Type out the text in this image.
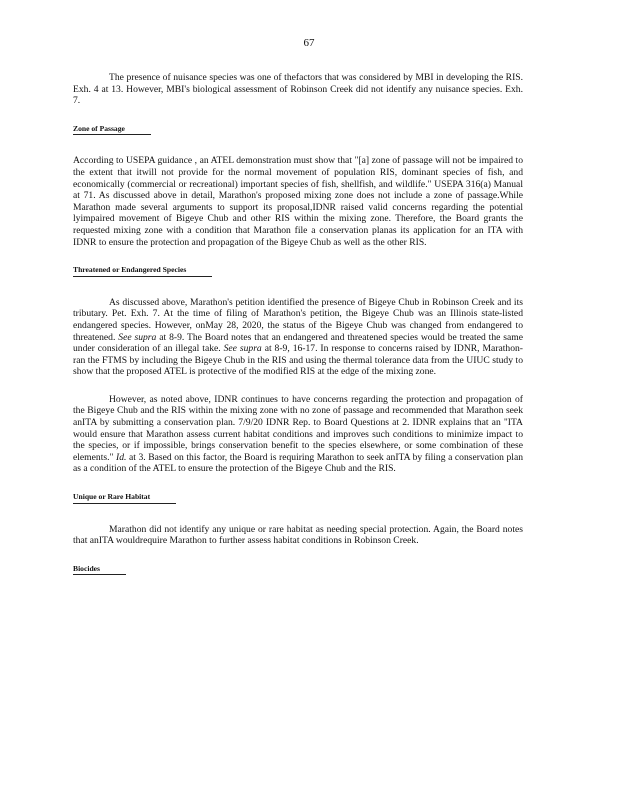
67

The presence of nuisance species was one of thefactors that was considered by MBI in developing the RIS. Exh. 4 at 13. However, MBI's biological assessment of Robinson Creek did not identify any nuisance species. Exh. 7.

Zone of Passage

According to USEPA guidance , an ATEL demonstration must show that "[a] zone of passage will not be impaired to the extent that itwill not provide for the normal movement of population RIS, dominant species of fish, and economically (commercial or recreational) important species of fish, shellfish, and wildlife." USEPA 316(a) Manual at 71. As discussed above in detail, Marathon's proposed mixing zone does not include a zone of passage.While Marathon made several arguments to support its proposal,IDNR raised valid concerns regarding the potential lyimpaired movement of Bigeye Chub and other RIS within the mixing zone. Therefore, the Board grants the requested mixing zone with a condition that Marathon file a conservation planas its application for an ITA with IDNR to ensure the protection and propagation of the Bigeye Chub as well as the other RIS.

Threatened or Endangered Species

As discussed above, Marathon's petition identified the presence of Bigeye Chub in Robinson Creek and its tributary. Pet. Exh. 7. At the time of filing of Marathon's petition, the Bigeye Chub was an Illinois state-listed endangered species. However, onMay 28, 2020, the status of the Bigeye Chub was changed from endangered to threatened. See supra at 8-9. The Board notes that an endangered and threatened species would be treated the same under consideration of an illegal take. See supra at 8-9, 16-17. In response to concerns raised by IDNR, Marathon-ran the FTMS by including the Bigeye Chub in the RIS and using the thermal tolerance data from the UIUC study to show that the proposed ATEL is protective of the modified RIS at the edge of the mixing zone.

However, as noted above, IDNR continues to have concerns regarding the protection and propagation of the Bigeye Chub and the RIS within the mixing zone with no zone of passage and recommended that Marathon seek anITA by submitting a conservation plan. 7/9/20 IDNR Rep. to Board Questions at 2. IDNR explains that an "ITA would ensure that Marathon assess current habitat conditions and improves such conditions to minimize impact to the species, or if impossible, brings conservation benefit to the species elsewhere, or some combination of these elements." Id. at 3. Based on this factor, the Board is requiring Marathon to seek anITA by filing a conservation plan as a condition of the ATEL to ensure the protection of the Bigeye Chub and the RIS.

Unique or Rare Habitat

Marathon did not identify any unique or rare habitat as needing special protection. Again, the Board notes that anITA wouldrequire Marathon to further assess habitat conditions in Robinson Creek.

Biocides
